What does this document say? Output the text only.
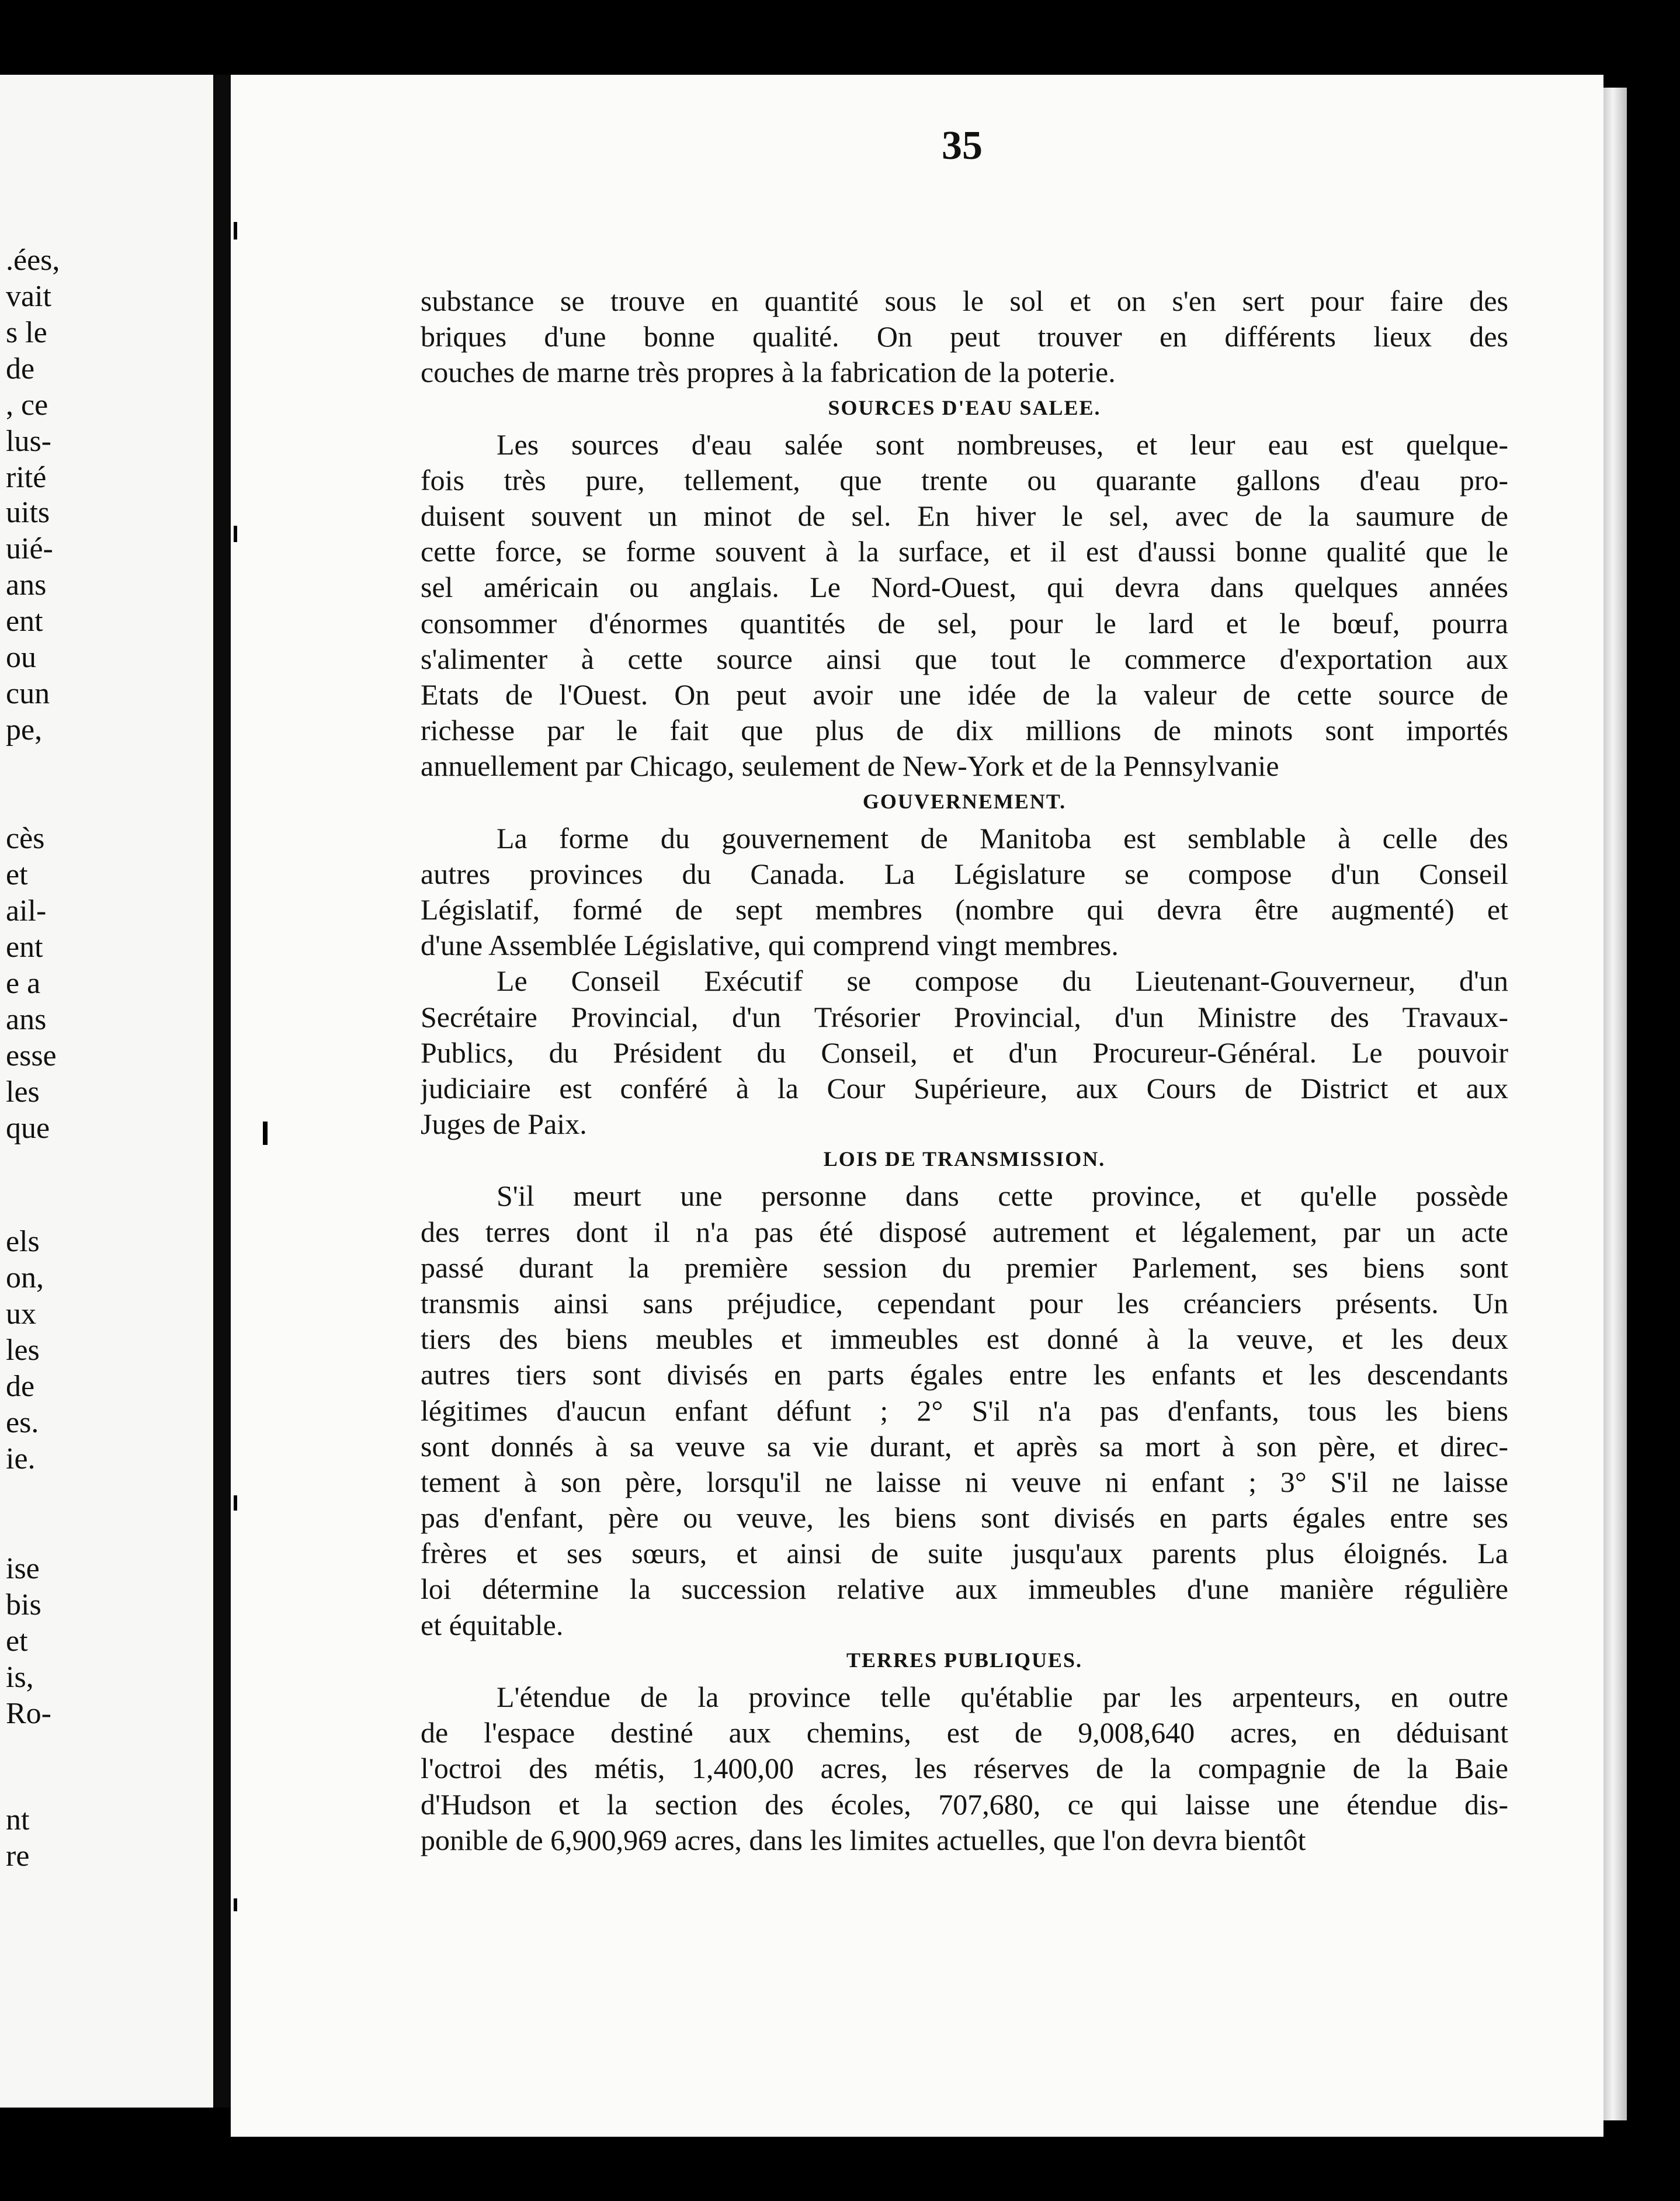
.ées,
vait
s le
de
, ce
lus-
rité
uits
uié-
ans
ent
ou
cun
pe,
cès
et
ail-
ent
e a
ans
esse
les
que
els
on,
ux
les
de
es.
ie.
ise
bis
et
is,
Ro-
nt
re
35
substance se trouve en quantité sous le sol et on s'en sert pour faire des
briques d'une bonne qualité. On peut trouver en différents lieux des
couches de marne très propres à la fabrication de la poterie.
SOURCES D'EAU SALEE.
Les sources d'eau salée sont nombreuses, et leur eau est quelque-
fois très pure, tellement, que trente ou quarante gallons d'eau pro-
duisent souvent un minot de sel. En hiver le sel, avec de la saumure de
cette force, se forme souvent à la surface, et il est d'aussi bonne qualité que le
sel américain ou anglais. Le Nord-Ouest, qui devra dans quelques années
consommer d'énormes quantités de sel, pour le lard et le bœuf, pourra
s'alimenter à cette source ainsi que tout le commerce d'exportation aux
Etats de l'Ouest. On peut avoir une idée de la valeur de cette source de
richesse par le fait que plus de dix millions de minots sont importés
annuellement par Chicago, seulement de New-York et de la Pennsylvanie
GOUVERNEMENT.
La forme du gouvernement de Manitoba est semblable à celle des
autres provinces du Canada. La Législature se compose d'un Conseil
Législatif, formé de sept membres (nombre qui devra être augmenté) et
d'une Assemblée Législative, qui comprend vingt membres.
Le Conseil Exécutif se compose du Lieutenant-Gouverneur, d'un
Secrétaire Provincial, d'un Trésorier Provincial, d'un Ministre des Travaux-
Publics, du Président du Conseil, et d'un Procureur-Général. Le pouvoir
judiciaire est conféré à la Cour Supérieure, aux Cours de District et aux
Juges de Paix.
LOIS DE TRANSMISSION.
S'il meurt une personne dans cette province, et qu'elle possède
des terres dont il n'a pas été disposé autrement et légalement, par un acte
passé durant la première session du premier Parlement, ses biens sont
transmis ainsi sans préjudice, cependant pour les créanciers présents. Un
tiers des biens meubles et immeubles est donné à la veuve, et les deux
autres tiers sont divisés en parts égales entre les enfants et les descendants
légitimes d'aucun enfant défunt ; 2° S'il n'a pas d'enfants, tous les biens
sont donnés à sa veuve sa vie durant, et après sa mort à son père, et direc-
tement à son père, lorsqu'il ne laisse ni veuve ni enfant ; 3° S'il ne laisse
pas d'enfant, père ou veuve, les biens sont divisés en parts égales entre ses
frères et ses sœurs, et ainsi de suite jusqu'aux parents plus éloignés. La
loi détermine la succession relative aux immeubles d'une manière régulière
et équitable.
TERRES PUBLIQUES.
L'étendue de la province telle qu'établie par les arpenteurs, en outre
de l'espace destiné aux chemins, est de 9,008,640 acres, en déduisant
l'octroi des métis, 1,400,00 acres, les réserves de la compagnie de la Baie
d'Hudson et la section des écoles, 707,680, ce qui laisse une étendue dis-
ponible de 6,900,969 acres, dans les limites actuelles, que l'on devra bientôt
